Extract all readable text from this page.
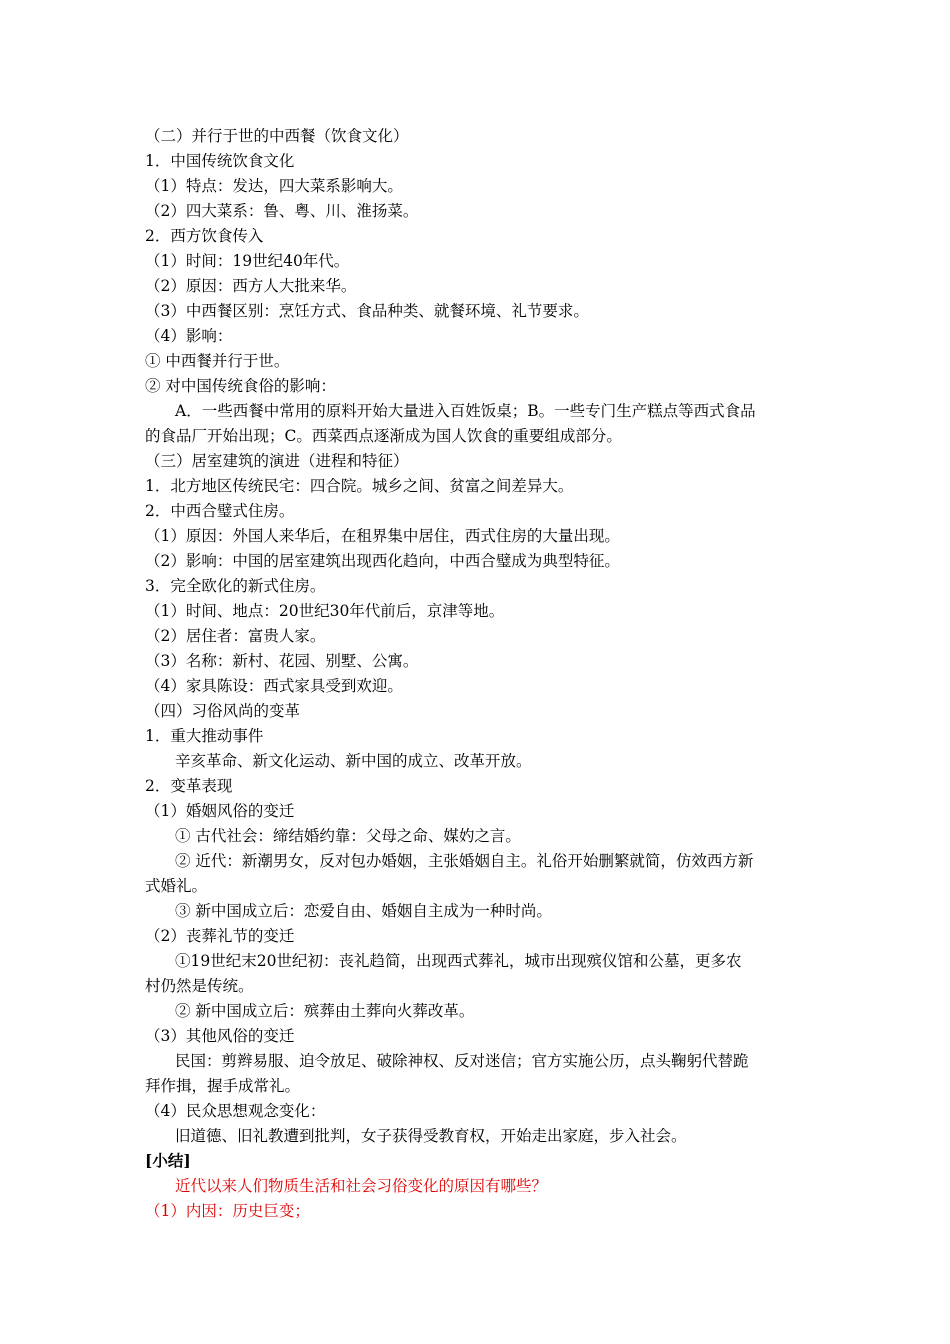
（二）并行于世的中西餐（饮食文化）
1．中国传统饮食文化
（1）特点：发达，四大菜系影响大。
（2）四大菜系：鲁、粤、川、淮扬菜。
2．西方饮食传入
（1）时间：19世纪40年代。
（2）原因：西方人大批来华。
（3）中西餐区别：烹饪方式、食品种类、就餐环境、礼节要求。
（4）影响：
① 中西餐并行于世。
② 对中国传统食俗的影响：
A．一些西餐中常用的原料开始大量进入百姓饭桌；B。一些专门生产糕点等西式食品
的食品厂开始出现；C。西菜西点逐渐成为国人饮食的重要组成部分。
（三）居室建筑的演进（进程和特征）
1．北方地区传统民宅：四合院。城乡之间、贫富之间差异大。
2．中西合璧式住房。
（1）原因：外国人来华后，在租界集中居住，西式住房的大量出现。
（2）影响：中国的居室建筑出现西化趋向，中西合璧成为典型特征。
3．完全欧化的新式住房。
（1）时间、地点：20世纪30年代前后，京津等地。
（2）居住者：富贵人家。
（3）名称：新村、花园、别墅、公寓。
（4）家具陈设：西式家具受到欢迎。
（四）习俗风尚的变革
1．重大推动事件
辛亥革命、新文化运动、新中国的成立、改革开放。
2．变革表现
（1）婚姻风俗的变迁
① 古代社会：缔结婚约靠：父母之命、媒妁之言。
② 近代：新潮男女，反对包办婚姻，主张婚姻自主。礼俗开始删繁就简，仿效西方新
式婚礼。
③ 新中国成立后：恋爱自由、婚姻自主成为一种时尚。
（2）丧葬礼节的变迁
①19世纪末20世纪初：丧礼趋简，出现西式葬礼，城市出现殡仪馆和公墓，更多农
村仍然是传统。
② 新中国成立后：殡葬由土葬向火葬改革。
（3）其他风俗的变迁
民国：剪辫易服、迫令放足、破除神权、反对迷信；官方实施公历，点头鞠躬代替跪
拜作揖，握手成常礼。
（4）民众思想观念变化：
旧道德、旧礼教遭到批判，女子获得受教育权，开始走出家庭，步入社会。
[小结]
近代以来人们物质生活和社会习俗变化的原因有哪些？
（1）内因：历史巨变；
